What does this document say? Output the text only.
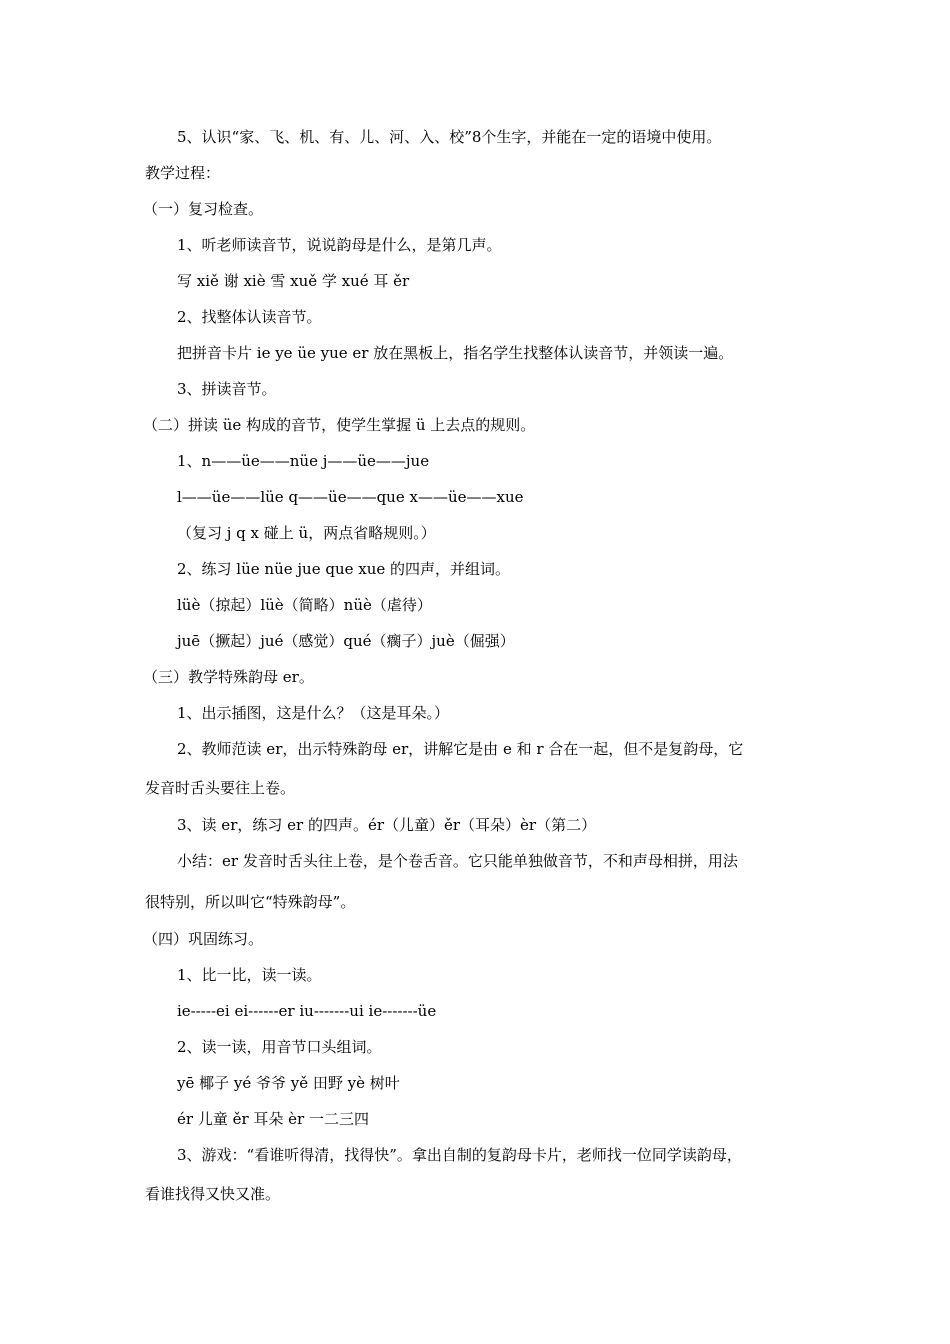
5、认识“家、飞、机、有、儿、河、入、校”8个生字，并能在一定的语境中使用。
教学过程：
（一）复习检查。
1、听老师读音节，说说韵母是什么，是第几声。
写 xiě 谢 xiè 雪 xuě 学 xué 耳 ěr
2、找整体认读音节。
把拼音卡片 ie ye üe yue er 放在黑板上，指名学生找整体认读音节，并领读一遍。
3、拼读音节。
（二）拼读 üe 构成的音节，使学生掌握 ü 上去点的规则。
1、n——üe——nüe j——üe——jue
l——üe——lüe q——üe——que x——üe——xue
（复习 j q x 碰上 ü，两点省略规则。）
2、练习 lüe nüe jue que xue 的四声，并组词。
lüè（掠起）lüè（简略）nüè（虐待）
juē（撅起）jué（感觉）qué（瘸子）juè（倔强）
（三）教学特殊韵母 er。
1、出示插图，这是什么？（这是耳朵。）
2、教师范读 er，出示特殊韵母 er，讲解它是由 e 和 r 合在一起，但不是复韵母，它
发音时舌头要往上卷。
3、读 er，练习 er 的四声。ér（儿童）ěr（耳朵）èr（第二）
小结：er 发音时舌头往上卷，是个卷舌音。它只能单独做音节，不和声母相拼，用法
很特别，所以叫它“特殊韵母”。
（四）巩固练习。
1、比一比，读一读。
ie-----ei ei------er iu-------ui ie-------üe
2、读一读，用音节口头组词。
yē 椰子 yé 爷爷 yě 田野 yè 树叶
ér 儿童 ěr 耳朵 èr 一二三四
3、游戏：“看谁听得清，找得快”。拿出自制的复韵母卡片，老师找一位同学读韵母，
看谁找得又快又准。
